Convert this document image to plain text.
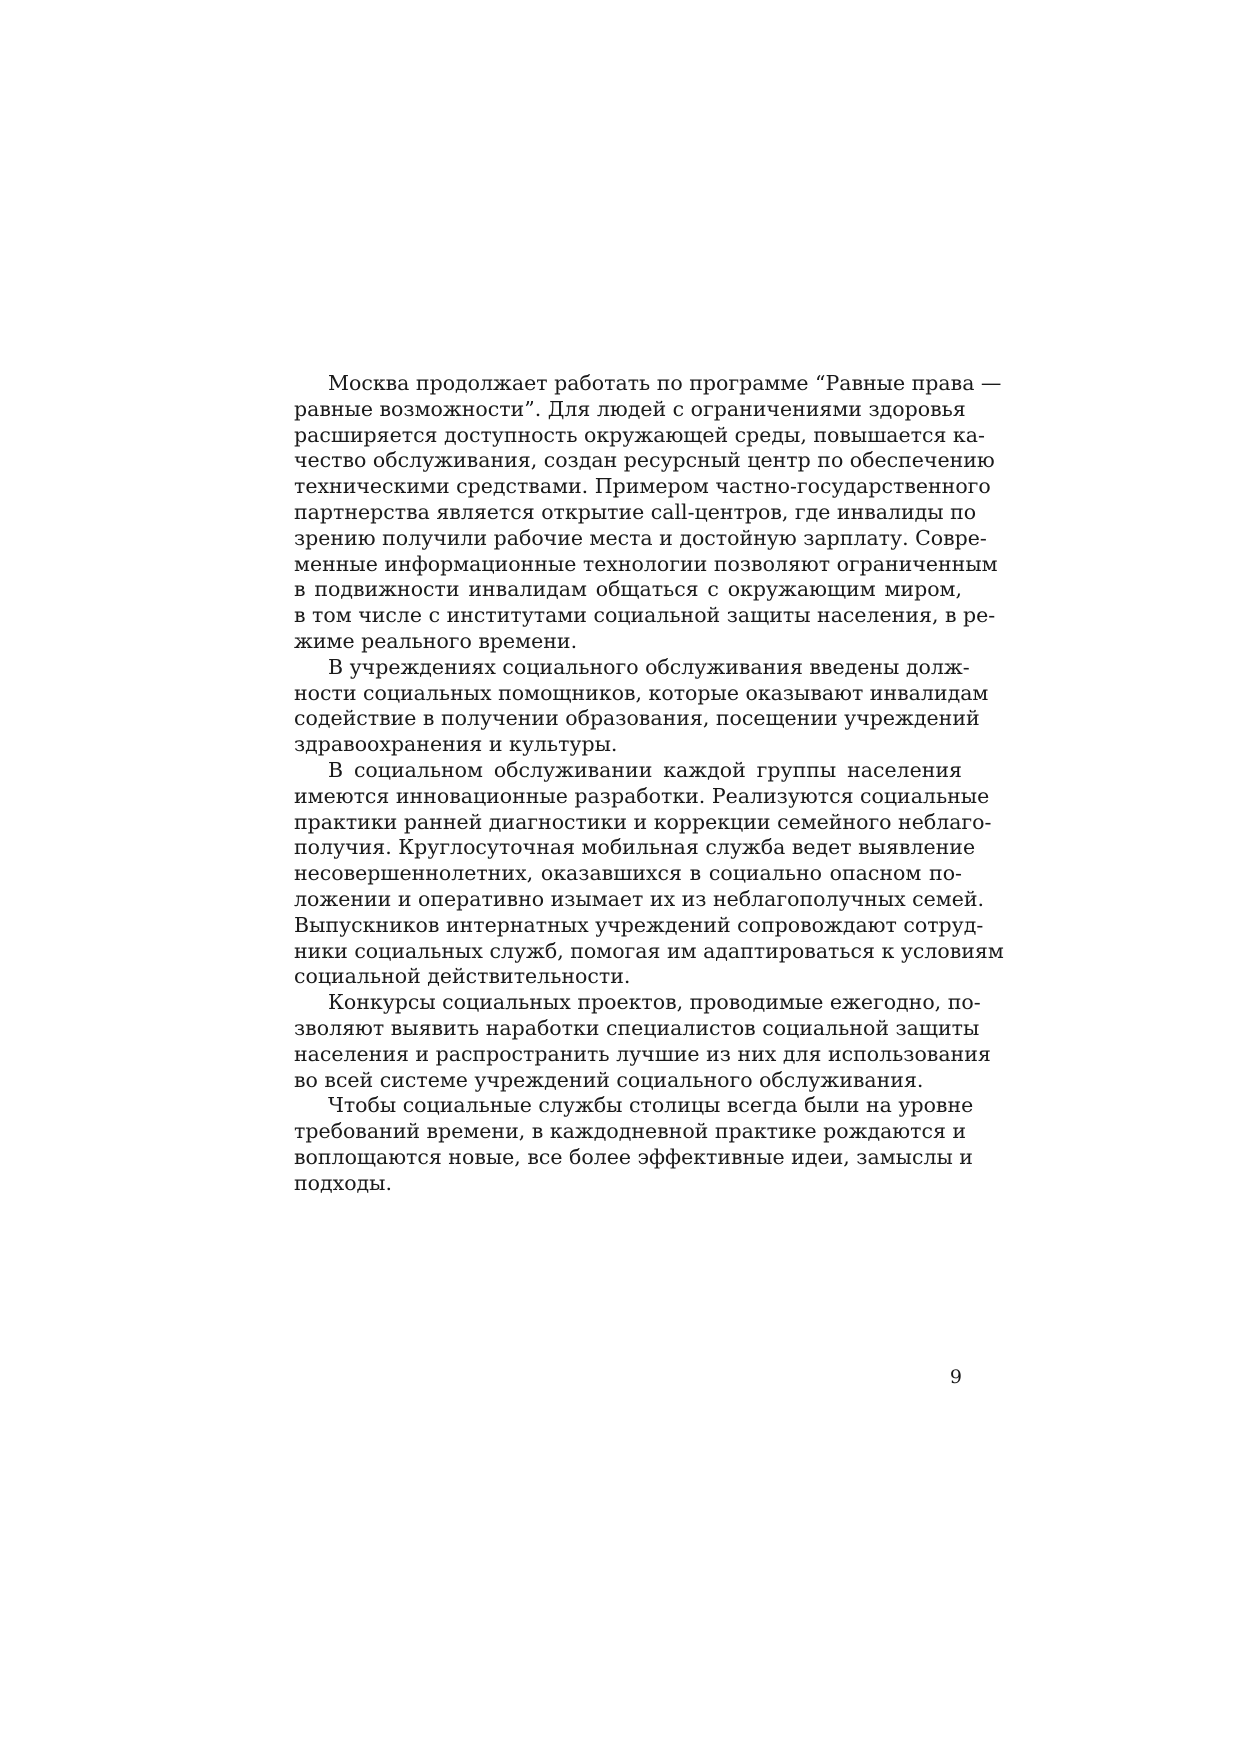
Москва продолжает работать по программе “Равные права —
равные возможности”. Для людей с ограничениями здоровья
расширяется доступность окружающей среды, повышается ка-
чество обслуживания, создан ресурсный центр по обеспечению
техническими средствами. Примером частно-государственного
партнерства является открытие call-центров, где инвалиды по
зрению получили рабочие места и достойную зарплату. Совре-
менные информационные технологии позволяют ограниченным
в подвижности инвалидам общаться с окружающим миром,
в том числе с институтами социальной защиты населения, в ре-
жиме реального времени.

В учреждениях социального обслуживания введены долж-
ности социальных помощников, которые оказывают инвалидам
содействие в получении образования, посещении учреждений
здравоохранения и культуры.

В социальном обслуживании каждой группы населения
имеются инновационные разработки. Реализуются социальные
практики ранней диагностики и коррекции семейного неблаго-
получия. Круглосуточная мобильная служба ведет выявление
несовершеннолетних, оказавшихся в социально опасном по-
ложении и оперативно изымает их из неблагополучных семей.
Выпускников интернатных учреждений сопровождают сотруд-
ники социальных служб, помогая им адаптироваться к условиям
социальной действительности.

Конкурсы социальных проектов, проводимые ежегодно, по-
зволяют выявить наработки специалистов социальной защиты
населения и распространить лучшие из них для использования
во всей системе учреждений социального обслуживания.

Чтобы социальные службы столицы всегда были на уровне
требований времени, в каждодневной практике рождаются и
воплощаются новые, все более эффективные идеи, замыслы и
подходы.

9
